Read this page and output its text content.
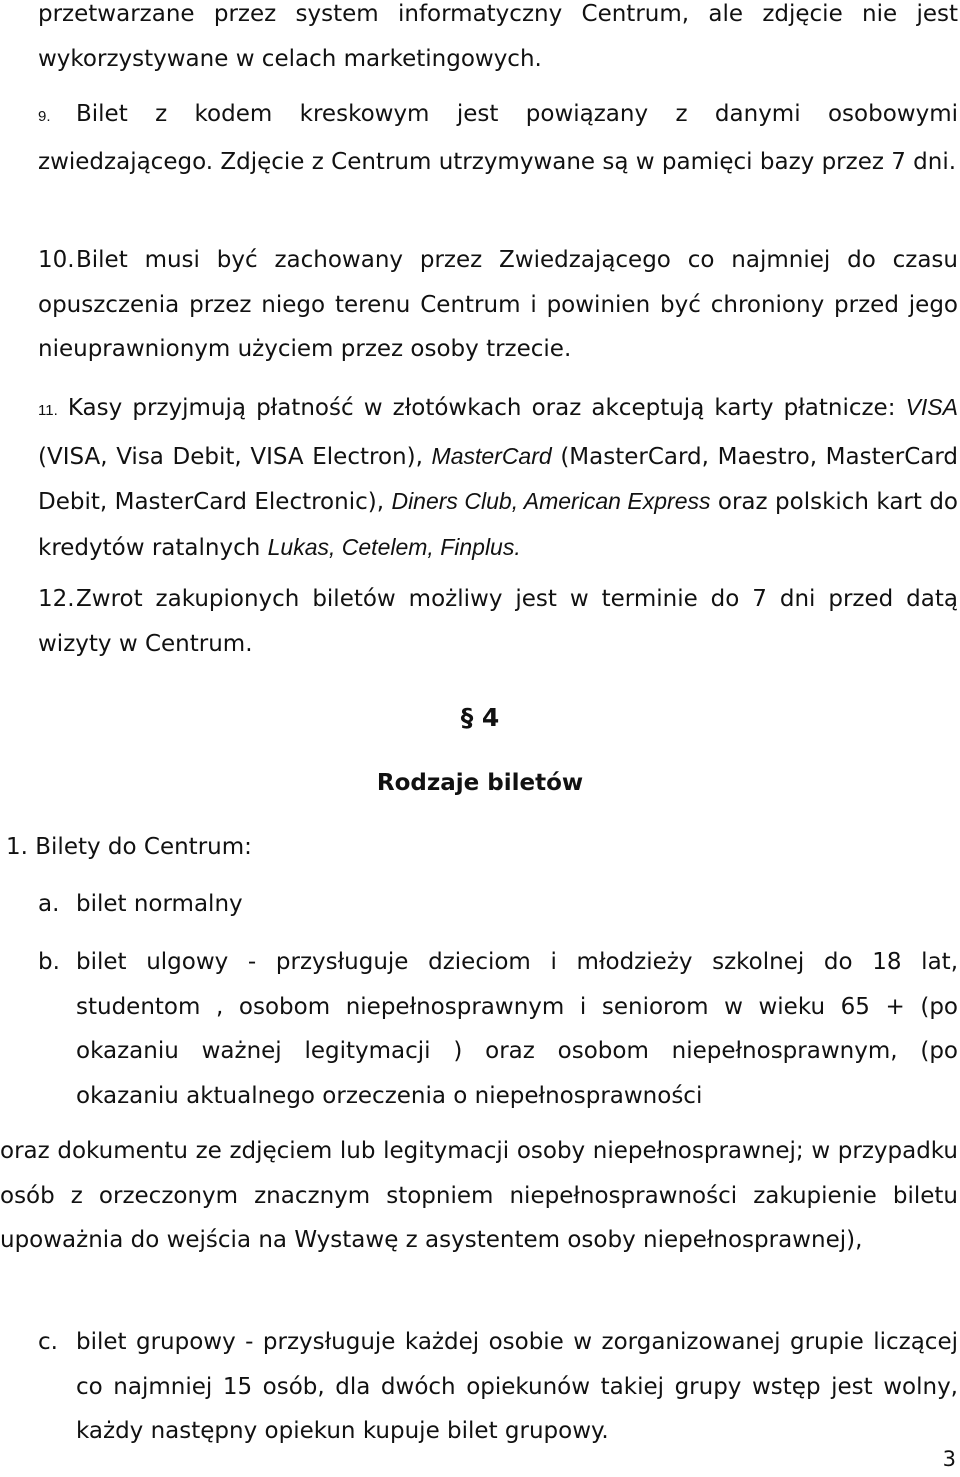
przetwarzane przez system informatyczny Centrum, ale zdjęcie nie jest wykorzystywane w celach marketingowych.

9. Bilet z kodem kreskowym jest powiązany z danymi osobowymi zwiedzającego. Zdjęcie z Centrum utrzymywane są w pamięci bazy przez 7 dni.

10.Bilet musi być zachowany przez Zwiedzającego co najmniej do czasu opuszczenia przez niego terenu Centrum i powinien być chroniony przed jego nieuprawnionym użyciem przez osoby trzecie.

11. Kasy przyjmują płatność w złotówkach oraz akceptują karty płatnicze: VISA (VISA, Visa Debit, VISA Electron), MasterCard (MasterCard, Maestro, MasterCard Debit, MasterCard Electronic), Diners Club, American Express oraz polskich kart do kredytów ratalnych Lukas, Cetelem, Finplus.

12.Zwrot zakupionych biletów możliwy jest w terminie do 7 dni przed datą wizyty w Centrum.

§ 4

Rodzaje biletów

1. Bilety do Centrum:

a. bilet normalny

b. bilet ulgowy - przysługuje dzieciom i młodzieży szkolnej do 18 lat, studentom , osobom niepełnosprawnym i seniorom w wieku 65 + (po okazaniu ważnej legitymacji ) oraz osobom niepełnosprawnym, (po okazaniu aktualnego orzeczenia o niepełnosprawności

oraz dokumentu ze zdjęciem lub legitymacji osoby niepełnosprawnej; w przypadku osób z orzeczonym znacznym stopniem niepełnosprawności zakupienie biletu upoważnia do wejścia na Wystawę z asystentem osoby niepełnosprawnej),

c. bilet grupowy - przysługuje każdej osobie w zorganizowanej grupie liczącej co najmniej 15 osób, dla dwóch opiekunów takiej grupy wstęp jest wolny, każdy następny opiekun kupuje bilet grupowy.

3
